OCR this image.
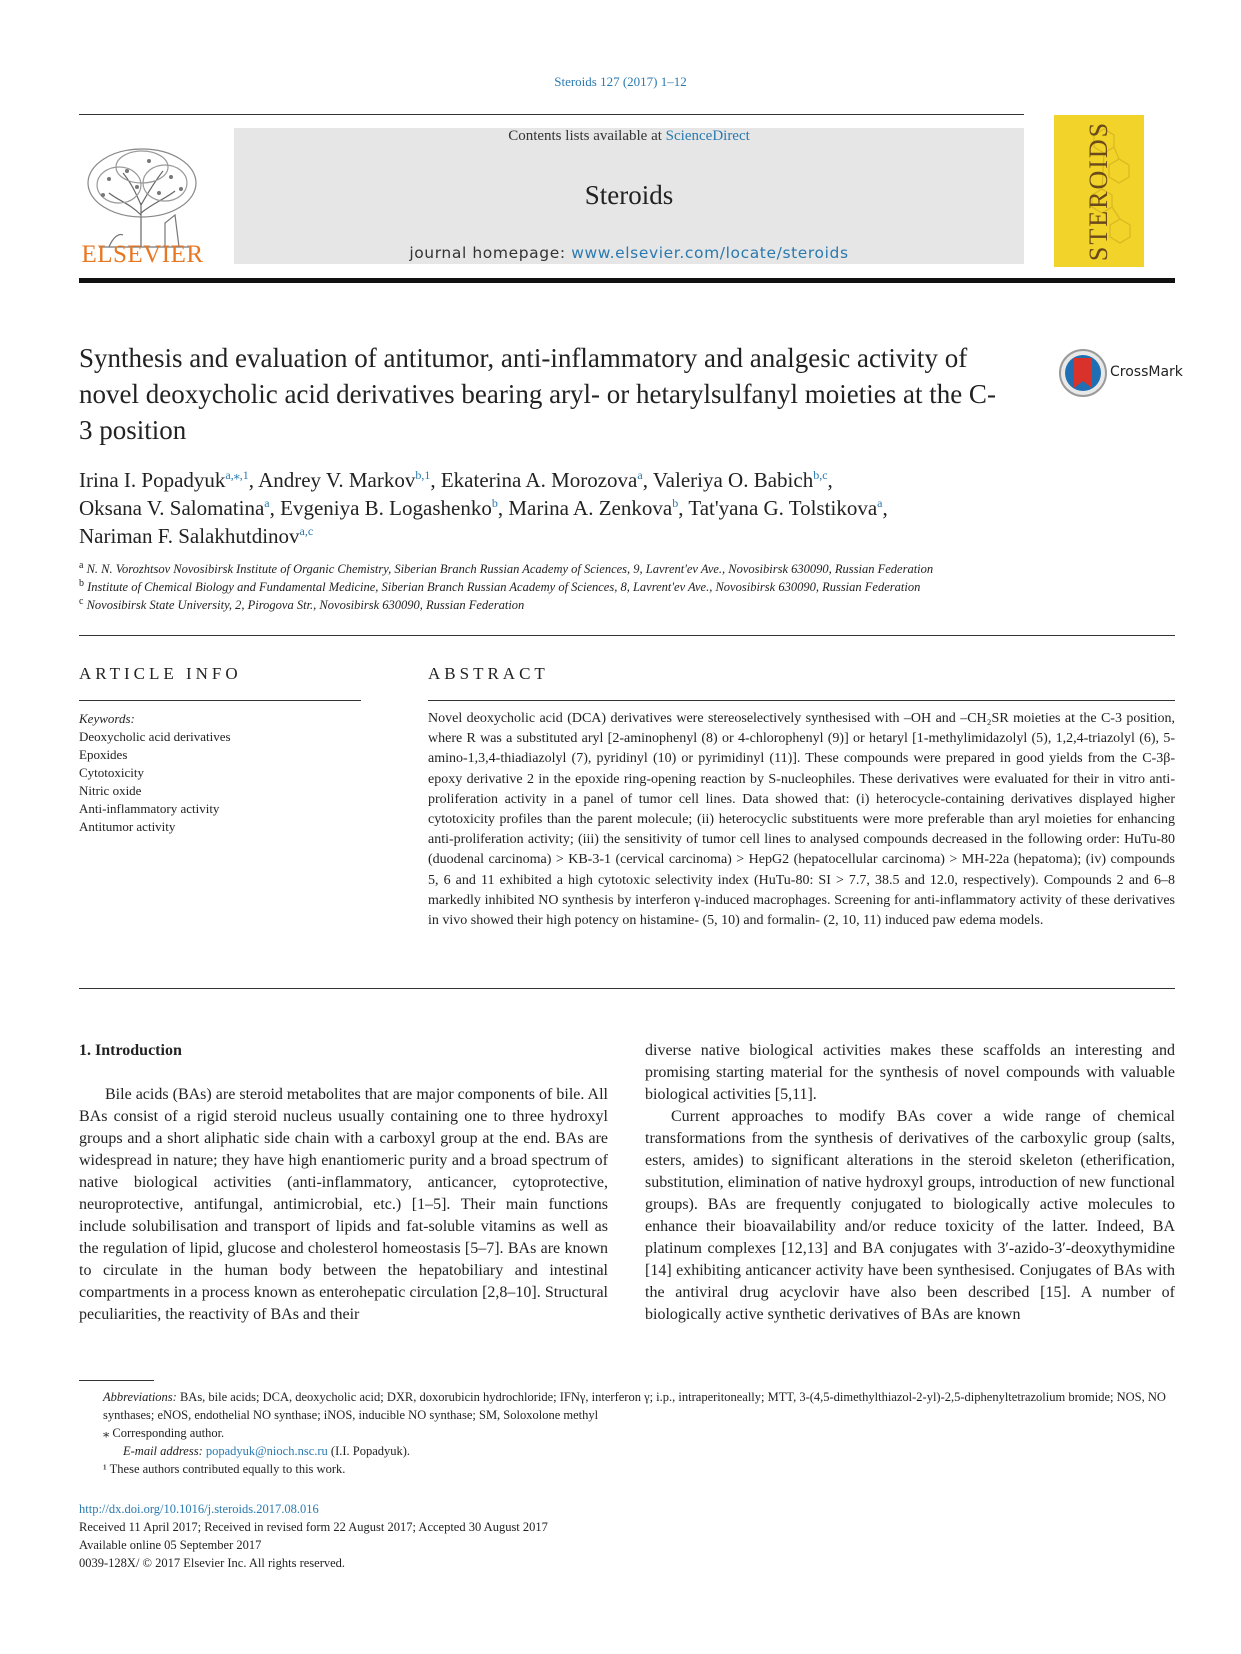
Steroids 127 (2017) 1–12
ELSEVIER
Contents lists available at ScienceDirect
Steroids
journal homepage: www.elsevier.com/locate/steroids	STEROIDS
Synthesis and evaluation of antitumor, anti-inflammatory and analgesic activity of novel deoxycholic acid derivatives bearing aryl- or hetarylsulfanyl moieties at the C-3 position
CrossMark
Irina I. Popadyuk$^{a,⁎,1}$, Andrey V. Markov$^{b,1}$, Ekaterina A. Morozova$^a$, Valeriya O. Babich$^{b,c}$,
Oksana V. Salomatina$^a$, Evgeniya B. Logashenko$^b$, Marina A. Zenkova$^b$, Tat'yana G. Tolstikova$^a$,
Nariman F. Salakhutdinov$^{a,c}$
$^a$ N. N. Vorozhtsov Novosibirsk Institute of Organic Chemistry, Siberian Branch Russian Academy of Sciences, 9, Lavrent'ev Ave., Novosibirsk 630090, Russian Federation
$^b$ Institute of Chemical Biology and Fundamental Medicine, Siberian Branch Russian Academy of Sciences, 8, Lavrent'ev Ave., Novosibirsk 630090, Russian Federation
$^c$ Novosibirsk State University, 2, Pirogova Str., Novosibirsk 630090, Russian Federation
ARTICLE INFO
Keywords:
Deoxycholic acid derivatives
Epoxides
Cytotoxicity
Nitric oxide
Anti-inflammatory activity
Antitumor activity
ABSTRACT
Novel deoxycholic acid (DCA) derivatives were stereoselectively synthesised with –OH and –CH₂SR moieties at the C-3 position, where R was a substituted aryl [2-aminophenyl (8) or 4-chlorophenyl (9)] or hetaryl [1-methylimidazolyl (5), 1,2,4-triazolyl (6), 5-amino-1,3,4-thiadiazolyl (7), pyridinyl (10) or pyrimidinyl (11)]. These compounds were prepared in good yields from the C-3β-epoxy derivative 2 in the epoxide ring-opening reaction by S-nucleophiles. These derivatives were evaluated for their in vitro anti-proliferation activity in a panel of tumor cell lines. Data showed that: (i) heterocycle-containing derivatives displayed higher cytotoxicity profiles than the parent molecule; (ii) heterocyclic substituents were more preferable than aryl moieties for enhancing anti-proliferation activity; (iii) the sensitivity of tumor cell lines to analysed compounds decreased in the following order: HuTu-80 (duodenal carcinoma) > KB-3-1 (cervical carcinoma) > HepG2 (hepatocellular carcinoma) > MH-22a (hepatoma); (iv) compounds 5, 6 and 11 exhibited a high cytotoxic selectivity index (HuTu-80: SI > 7.7, 38.5 and 12.0, respectively). Compounds 2 and 6–8 markedly inhibited NO synthesis by interferon γ-induced macrophages. Screening for anti-inflammatory activity of these derivatives in vivo showed their high potency on histamine- (5, 10) and formalin- (2, 10, 11) induced paw edema models.
1. Introduction

Bile acids (BAs) are steroid metabolites that are major components of bile. All BAs consist of a rigid steroid nucleus usually containing one to three hydroxyl groups and a short aliphatic side chain with a carboxyl group at the end. BAs are widespread in nature; they have high enantiomeric purity and a broad spectrum of native biological activities (anti-inflammatory, anticancer, cytoprotective, neuroprotective, antifungal, antimicrobial, etc.) [1–5]. Their main functions include solubilisation and transport of lipids and fat-soluble vitamins as well as the regulation of lipid, glucose and cholesterol homeostasis [5–7]. BAs are known to circulate in the human body between the hepatobiliary and intestinal compartments in a process known as enterohepatic circulation [2,8–10]. Structural peculiarities, the reactivity of BAs and their

diverse native biological activities makes these scaffolds an interesting and promising starting material for the synthesis of novel compounds with valuable biological activities [5,11].

Current approaches to modify BAs cover a wide range of chemical transformations from the synthesis of derivatives of the carboxylic group (salts, esters, amides) to significant alterations in the steroid skeleton (etherification, substitution, elimination of native hydroxyl groups, introduction of new functional groups). BAs are frequently conjugated to biologically active molecules to enhance their bioavailability and/or reduce toxicity of the latter. Indeed, BA platinum complexes [12,13] and BA conjugates with 3′-azido-3′-deoxythymidine [14] exhibiting anticancer activity have been synthesised. Conjugates of BAs with the antiviral drug acyclovir have also been described [15]. A number of biologically active synthetic derivatives of BAs are known

Abbreviations: BAs, bile acids; DCA, deoxycholic acid; DXR, doxorubicin hydrochloride; IFNγ, interferon γ; i.p., intraperitoneally; MTT, 3-(4,5-dimethylthiazol-2-yl)-2,5-diphenyltetrazolium bromide; NOS, NO synthases; eNOS, endothelial NO synthase; iNOS, inducible NO synthase; SM, Soloxolone methyl

⁎ Corresponding author.

E-mail address: popadyuk@nioch.nsc.ru (I.I. Popadyuk).

¹ These authors contributed equally to this work.

http://dx.doi.org/10.1016/j.steroids.2017.08.016

Received 11 April 2017; Received in revised form 22 August 2017; Accepted 30 August 2017

Available online 05 September 2017

0039-128X/ © 2017 Elsevier Inc. All rights reserved.
